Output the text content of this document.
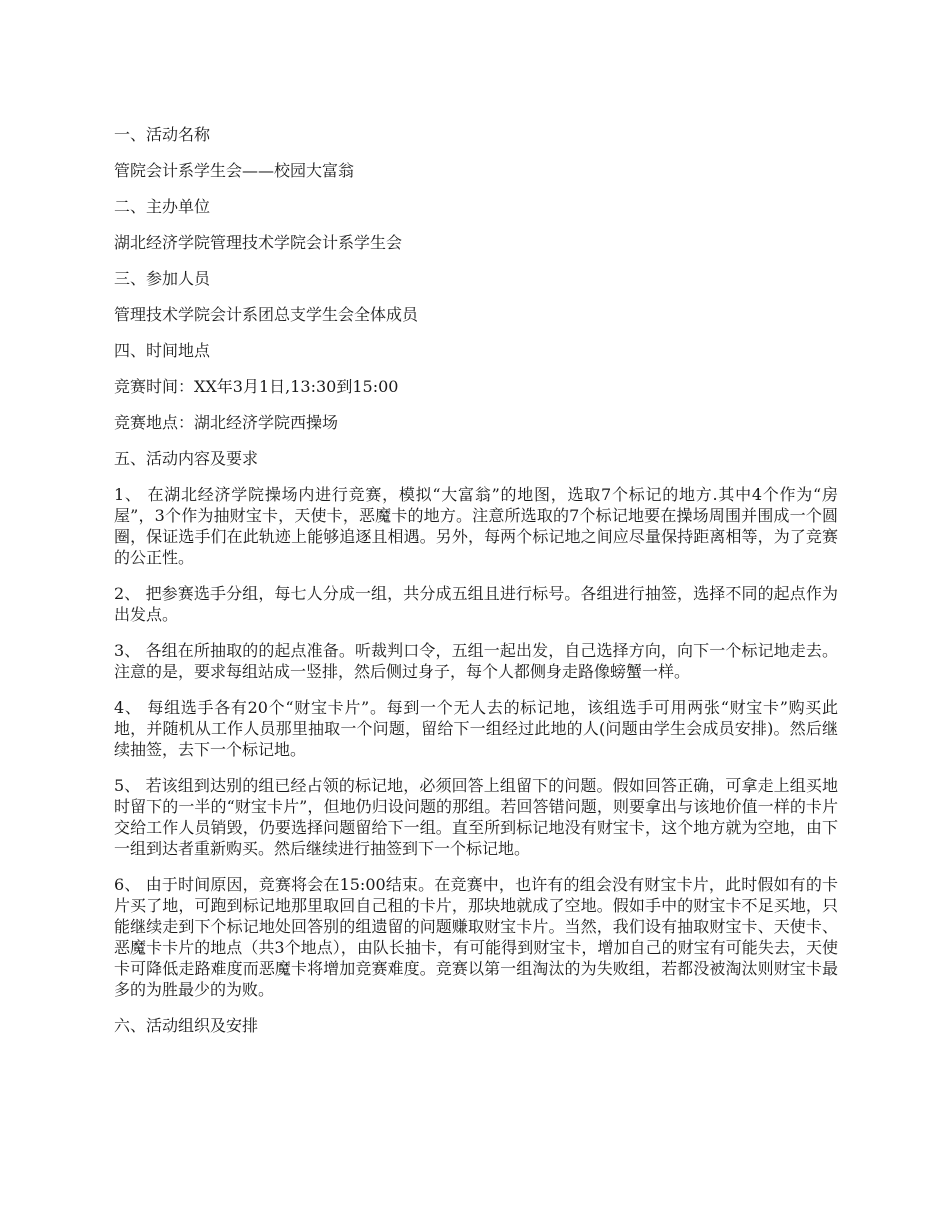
一、活动名称

管院会计系学生会——校园大富翁

二、主办单位

湖北经济学院管理技术学院会计系学生会

三、参加人员

管理技术学院会计系团总支学生会全体成员

四、时间地点

竞赛时间：XX年3月1日,13:30到15:00

竞赛地点：湖北经济学院西操场

五、活动内容及要求

1、 在湖北经济学院操场内进行竞赛，模拟“大富翁”的地图，选取7个标记的地方.其中4个作为“房屋”，3个作为抽财宝卡，天使卡，恶魔卡的地方。注意所选取的7个标记地要在操场周围并围成一个圆圈，保证选手们在此轨迹上能够追逐且相遇。另外，每两个标记地之间应尽量保持距离相等，为了竞赛的公正性。

2、 把参赛选手分组，每七人分成一组，共分成五组且进行标号。各组进行抽签，选择不同的起点作为出发点。

3、 各组在所抽取的的起点准备。听裁判口令，五组一起出发，自己选择方向，向下一个标记地走去。注意的是，要求每组站成一竖排，然后侧过身子，每个人都侧身走路像螃蟹一样。

4、 每组选手各有20个“财宝卡片”。每到一个无人去的标记地，该组选手可用两张“财宝卡”购买此地，并随机从工作人员那里抽取一个问题，留给下一组经过此地的人(问题由学生会成员安排)。然后继续抽签，去下一个标记地。

5、 若该组到达别的组已经占领的标记地，必须回答上组留下的问题。假如回答正确，可拿走上组买地时留下的一半的“财宝卡片”，但地仍归设问题的那组。若回答错问题，则要拿出与该地价值一样的卡片交给工作人员销毁，仍要选择问题留给下一组。直至所到标记地没有财宝卡，这个地方就为空地，由下一组到达者重新购买。然后继续进行抽签到下一个标记地。

6、 由于时间原因，竞赛将会在15:00结束。在竞赛中，也许有的组会没有财宝卡片，此时假如有的卡片买了地，可跑到标记地那里取回自己租的卡片，那块地就成了空地。假如手中的财宝卡不足买地，只能继续走到下个标记地处回答别的组遗留的问题赚取财宝卡片。当然，我们设有抽取财宝卡、天使卡、恶魔卡卡片的地点（共3个地点），由队长抽卡，有可能得到财宝卡，增加自己的财宝有可能失去，天使卡可降低走路难度而恶魔卡将增加竞赛难度。竞赛以第一组淘汰的为失败组，若都没被淘汰则财宝卡最多的为胜最少的为败。

六、活动组织及安排
